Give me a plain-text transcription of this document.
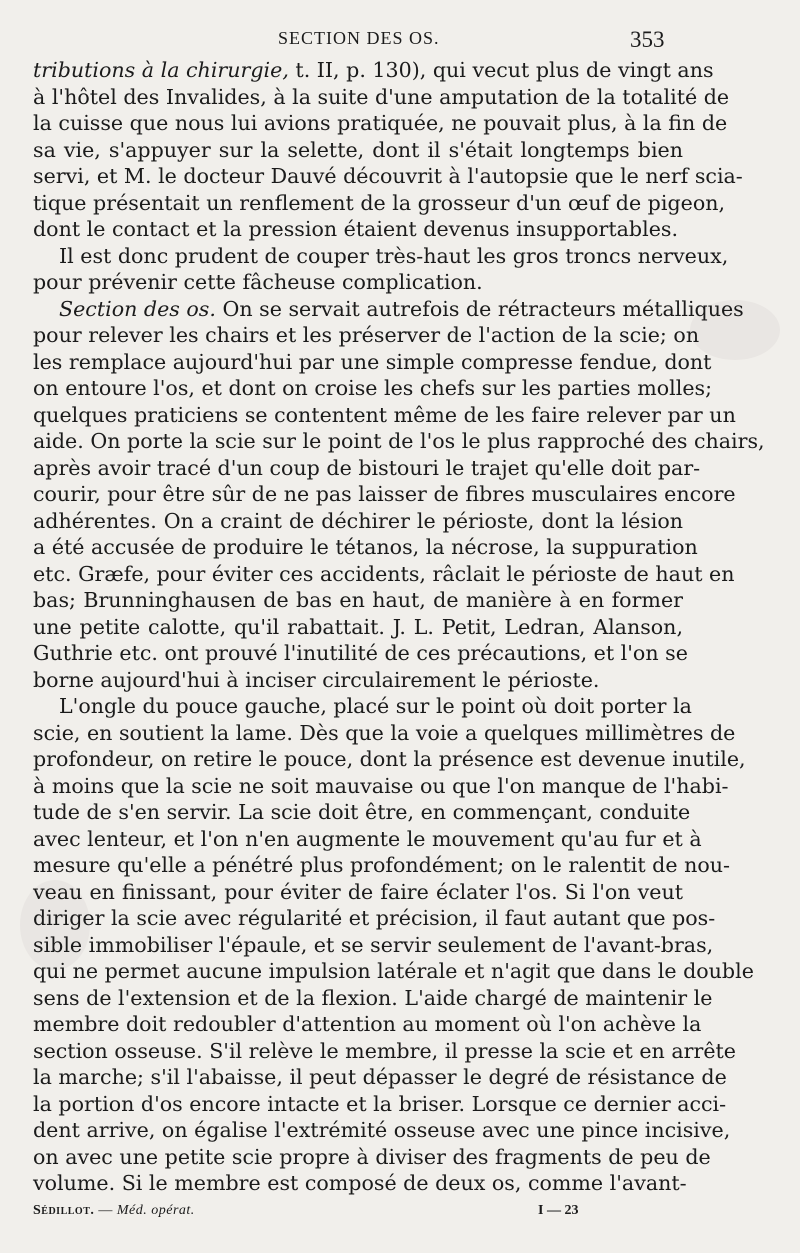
SECTION DES OS.	353
tributions à la chirurgie, t. II, p. 130), qui vecut plus de vingt ans
à l'hôtel des Invalides, à la suite d'une amputation de la totalité de
la cuisse que nous lui avions pratiquée, ne pouvait plus, à la fin de
sa vie, s'appuyer sur la selette, dont il s'était longtemps bien
servi, et M. le docteur Dauvé découvrit à l'autopsie que le nerf scia-
tique présentait un renflement de la grosseur d'un œuf de pigeon,
dont le contact et la pression étaient devenus insupportables.
Il est donc prudent de couper très-haut les gros troncs nerveux,
pour prévenir cette fâcheuse complication.
Section des os. On se servait autrefois de rétracteurs métalliques
pour relever les chairs et les préserver de l'action de la scie; on
les remplace aujourd'hui par une simple compresse fendue, dont
on entoure l'os, et dont on croise les chefs sur les parties molles;
quelques praticiens se contentent même de les faire relever par un
aide. On porte la scie sur le point de l'os le plus rapproché des chairs,
après avoir tracé d'un coup de bistouri le trajet qu'elle doit par-
courir, pour être sûr de ne pas laisser de fibres musculaires encore
adhérentes. On a craint de déchirer le périoste, dont la lésion
a été accusée de produire le tétanos, la nécrose, la suppuration
etc. Græfe, pour éviter ces accidents, râclait le périoste de haut en
bas; Brunninghausen de bas en haut, de manière à en former
une petite calotte, qu'il rabattait. J. L. Petit, Ledran, Alanson,
Guthrie etc. ont prouvé l'inutilité de ces précautions, et l'on se
borne aujourd'hui à inciser circulairement le périoste.
L'ongle du pouce gauche, placé sur le point où doit porter la
scie, en soutient la lame. Dès que la voie a quelques millimètres de
profondeur, on retire le pouce, dont la présence est devenue inutile,
à moins que la scie ne soit mauvaise ou que l'on manque de l'habi-
tude de s'en servir. La scie doit être, en commençant, conduite
avec lenteur, et l'on n'en augmente le mouvement qu'au fur et à
mesure qu'elle a pénétré plus profondément; on le ralentit de nou-
veau en finissant, pour éviter de faire éclater l'os. Si l'on veut
diriger la scie avec régularité et précision, il faut autant que pos-
sible immobiliser l'épaule, et se servir seulement de l'avant-bras,
qui ne permet aucune impulsion latérale et n'agit que dans le double
sens de l'extension et de la flexion. L'aide chargé de maintenir le
membre doit redoubler d'attention au moment où l'on achève la
section osseuse. S'il relève le membre, il presse la scie et en arrête
la marche; s'il l'abaisse, il peut dépasser le degré de résistance de
la portion d'os encore intacte et la briser. Lorsque ce dernier acci-
dent arrive, on égalise l'extrémité osseuse avec une pince incisive,
on avec une petite scie propre à diviser des fragments de peu de
volume. Si le membre est composé de deux os, comme l'avant-
Sédillot. — Méd. opérat.	I — 23
